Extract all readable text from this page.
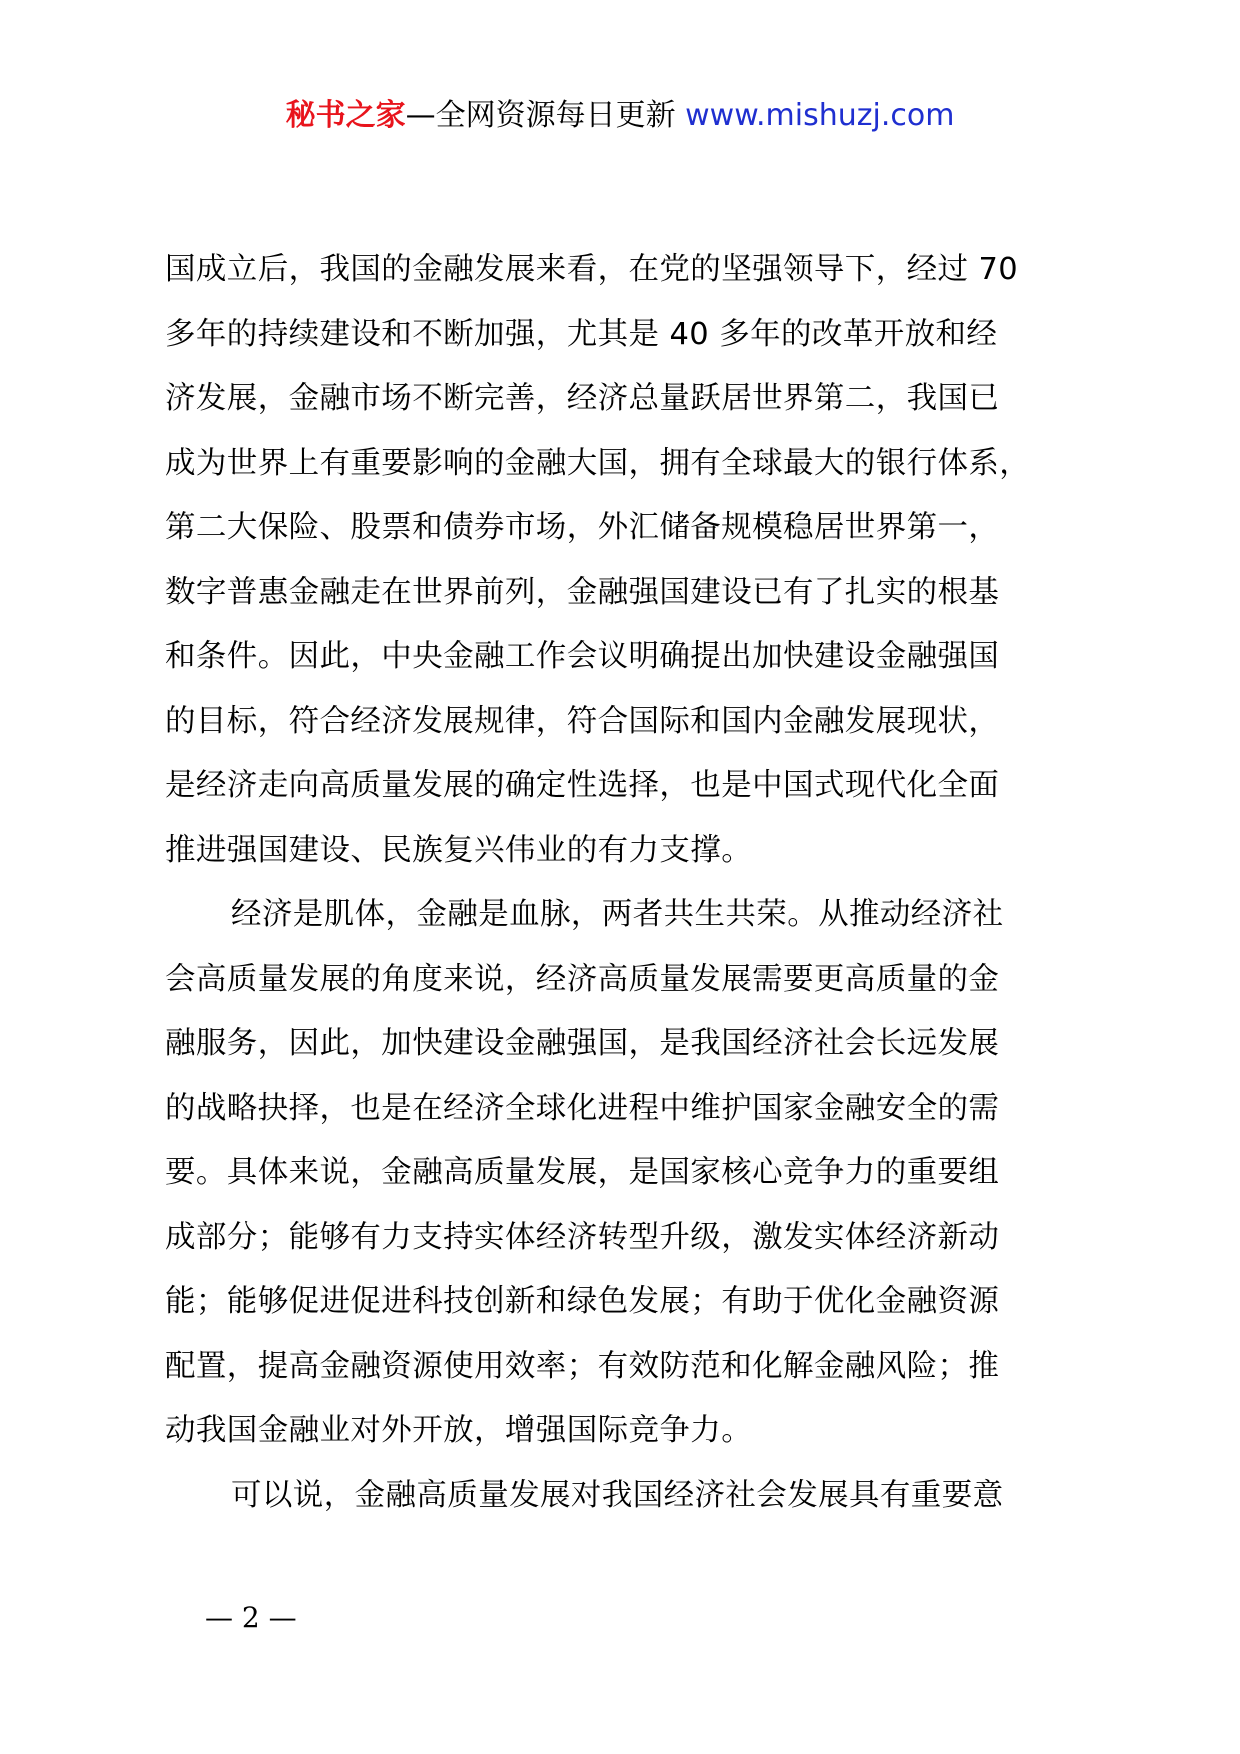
秘书之家—全网资源每日更新 www.mishuzj.com
国成立后，我国的金融发展来看，在党的坚强领导下，经过 70
多年的持续建设和不断加强，尤其是 40 多年的改革开放和经
济发展，金融市场不断完善，经济总量跃居世界第二，我国已
成为世界上有重要影响的金融大国，拥有全球最大的银行体系，
第二大保险、股票和债券市场，外汇储备规模稳居世界第一，
数字普惠金融走在世界前列，金融强国建设已有了扎实的根基
和条件。因此，中央金融工作会议明确提出加快建设金融强国
的目标，符合经济发展规律，符合国际和国内金融发展现状，
是经济走向高质量发展的确定性选择，也是中国式现代化全面
推进强国建设、民族复兴伟业的有力支撑。
经济是肌体，金融是血脉，两者共生共荣。从推动经济社
会高质量发展的角度来说，经济高质量发展需要更高质量的金
融服务，因此，加快建设金融强国，是我国经济社会长远发展
的战略抉择，也是在经济全球化进程中维护国家金融安全的需
要。具体来说，金融高质量发展，是国家核心竞争力的重要组
成部分；能够有力支持实体经济转型升级，激发实体经济新动
能；能够促进促进科技创新和绿色发展；有助于优化金融资源
配置，提高金融资源使用效率；有效防范和化解金融风险；推
动我国金融业对外开放，增强国际竞争力。
可以说，金融高质量发展对我国经济社会发展具有重要意
— 2 —
